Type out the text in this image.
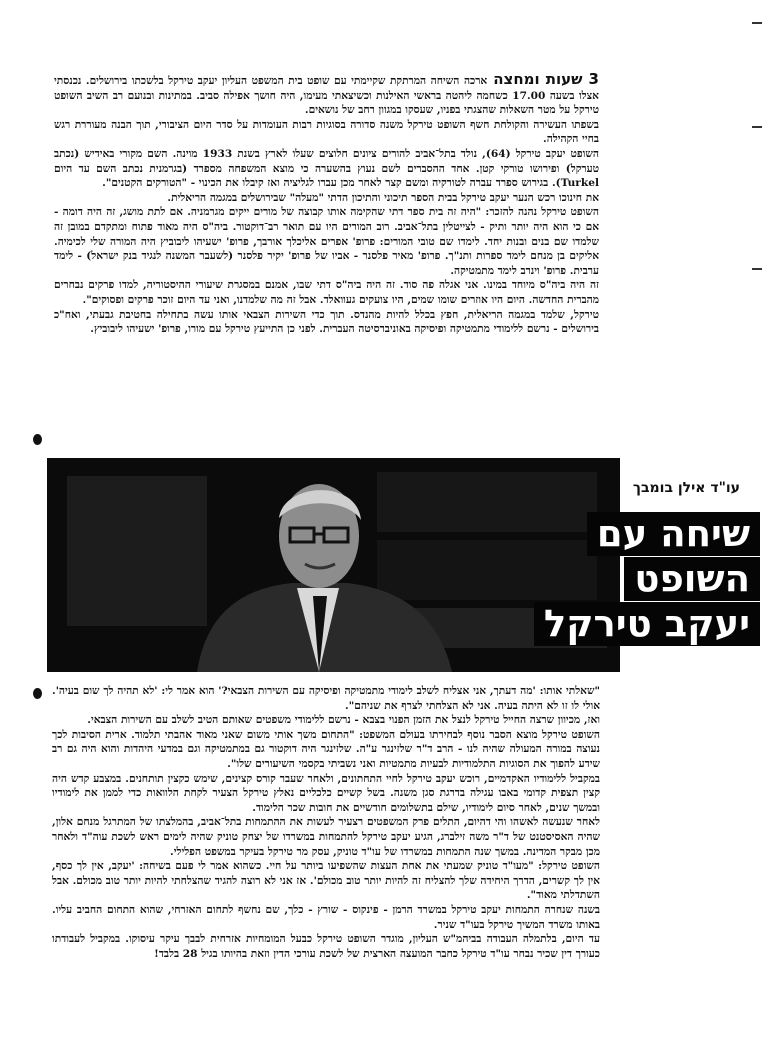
3 שעות ומחצהארכה השיחה המרתקת שקיימתי עם שופט בית המשפט העליון יעקב טירקל בלשכתו בירושלים. נכנסתי אצלו בשעה 17.00 כשחמה ליהטה בראשי האילנות וכשיצאתי מעימו, היה חושך אפילה סביב. במתינות ובנועם רב השיב השופט טירקל על מטר השאלות שהצגתי בפניו, שעסקו במגוון רחב של נושאים.

בשפתו העשירה והקולחת חשף השופט טירקל משנה סדורה בסוגיות רבות העומדות על סדר היום הציבורי, תוך הבנה מעוררת רגש בחיי הקהילה.

השופט יעקב טירקל (64), נולד בתל־אביב להורים ציונים חלוצים שעלו לארץ בשנת 1933 מוינה. השם מקורי באידיש (נכתב טערקל) ופירושו טורקי קטן. אחד ההסברים לשם נעוץ בהשערה כי מוצא המשפחה מספרד (בגרמנית נכתב השם עד היום Turkel). בגירוש ספרד עברה לטורקיה ומשם קצר לאחר מכן עברו לגליציה ואז קיבלו את הכינוי - "הטורקים הקטנים".

את חינוכו רכש הנער יעקב טירקל בבית הספר תיכוני והתיכון הדתי "מעלה" שבירושלים במגמה הריאלית.

השופט טירקל נהנה להזכר: "היה זה בית ספר דתי שהקימה אותו קבוצה של מורים ייקים מגרמניה. אם לתת מושג, זה היה דומה - אם כי הוא היה יותר ותיק - לצייטלין בתל־אביב. רוב המורים היו עם תואר רב־דוקטור. ביה"ס היה מאוד פתוח ומתקדם במובן זה שלמדו שם בנים ובנות יחד. לימדו שם טובי המורים: פרופ' אפרים אליכלך אורבך, פרופ' ישעיהו ליבוביץ היה המורה שלי לכימיה. אליקים בן מנחם לימד ספרות ותנ"ך. פרופ' מאיר פלסנר - אביו של פרופ' יקיר פלסנר (לשעבר המשנה לנגיד בנק ישראל) - לימד ערבית. פרופ' וינרב לימד מתמטיקה.

זה היה ביה"ס מיוחד במינו. אני אגלה פה סוד. זה היה ביה"ס דתי שבו, אמנם במסגרת שיעורי ההיסטוריה, למדו פרקים נבחרים מהברית החדשה. היום היו אוזרים שומו שמים, היו צועקים געוואלד. אבל זה מה שלמדנו, ואני עד היום זוכר פרקים ופסוקים".

טירקל, שלמד במגמה הריאלית, חפץ בכלל להיות מהנדס. תוך כדי השירות הצבאי אותו עשה בתחילה בחטיבת גבעתי, ואח"כ בירושלים - נרשם ללימודי מתמטיקה ופיסיקה באוניברסיטה העברית. לפני כן התייעץ טירקל עם מורו, פרופ' ישעיהו ליבוביץ.

עו"ד אילן בומבך
שיחה עם
השופט
יעקב טירקל

"שאלתי אותו: 'מה דעתך, אני אצליח לשלב לימודי מתמטיקה ופיסיקה עם השירות הצבאי?' הוא אמר לי: 'לא תהיה לך שום בעיה'. אולי לו זו לא היתה בעיה. אני לא הצלחתי לצרף את שניהם".

ואז, מכיוון שרצה החייל טירקל לנצל את הזמן הפנוי בצבא - נרשם ללימודי משפטים שאותם הטיב לשלב עם השירות הצבאי.

השופט טירקל מוצא הסבר נוסף לבחירתו בעולם המשפט: "התחום משך אותי משום שאני מאוד אהבתי תלמוד. ארית הסיבות לכך נעוצה במורה המעולה שהיה לנו - הרב ד"ר שלזינגר ע"ה. שלזינגר היה דוקטור גם במתמטיקה וגם במדעי היהדות והוא היה גם רב שידע להפוך את הסוגיות התלמודיות לבעיות מתמטיות ואני נשביתי בקסמי השיעורים שלו".

במקביל ללימודיו האקדמיים, רוכש יעקב טירקל לחיי התחתונים, ולאחר שעבר קורס קצינים, שימש כקצין תותחנים. במצבע קדש היה קצין תצפית קדומי באבו עגילה בדרגת סגן משנה. בשל קשיים כלכליים נאלץ טירקל הצעיר לקחת הלוואות כדי לממן את לימודיו ובמשך שנים, לאחר סיום לימודיו, שילם בתשלומים חודשיים את חובות שכר הלימוד.

לאחר שנעשה לאשהו והי דהיום, התלים פרק המשפטים רצעיר לעשות את ההתמחות בתל־אביב, בהמלצתו של המתרגל מנחם אלון, שהיה האסיסטנט של ד"ר משה זילברג, הגיע יעקב טירקל להתמחות במשרדו של יצחק טוניק שהיה לימים ראש לשכת עוה"ד ולאחר מכן מבקר המדינה. במשך שנה התמחות במשרדו של עו"ד טוניק, עסק מר טירקל בעיקר במשפט הפלילי.

השופט טירקל: "מעו"ד טוניק שמעתי את אחת העצות שהשפיעו ביותר על חיי. כשהוא אמר לי פעם בשיחה: 'יעקב, אין לך כסף, אין לך קשרים, הדרך היחידה שלך להצליח זה להיות יותר טוב מכולם'. אז אני לא רוצה להגיד שהצלחתי להיות יותר טוב מכולם. אבל השתדלתי מאוד".

בשנה שנחרה התמחות יעקב טירקל במשרד הרמן - פינקוס - שורץ - כלך, שם נחשף לתחום האזרחי, שהוא התחום החביב עליו. באותו משרד המשיך טירקל בעו"ד שניר.

עד היום, בלתמלה העבודה בביהמ"ש העליון, מוגדר השופט טירקל כבעל המומחיות אזרחית לבבך עיקר עיסוקו. במקביל לעבודתו כעורך דין שכיר נבחר עו"ד טירקל כחבר המועצה הארצית של לשכת עורכי הדין וזאת בהיותו בגיל 28 בלבד!
